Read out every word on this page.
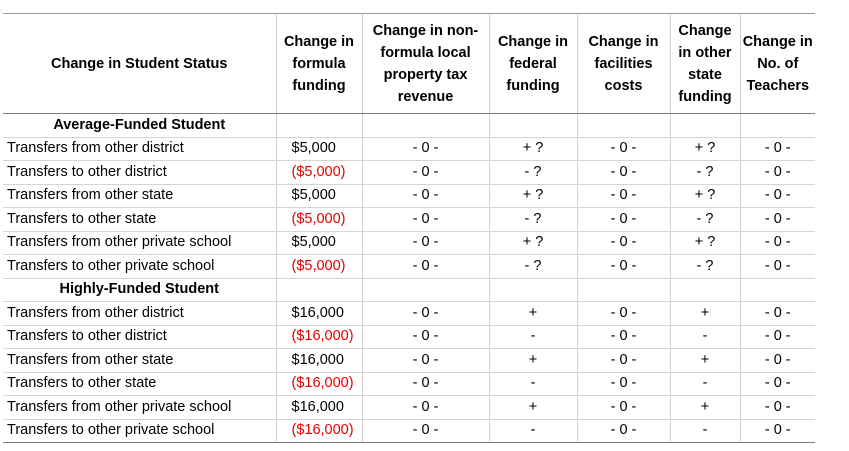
Change in Student Status	Change in formula funding	Change in non-formula local property tax revenue	Change in federal funding	Change in facilities costs	Change in other state funding	Change in No. of Teachers
Average-Funded Student						
Transfers from other district	$5,000	- 0 -	+ ?	- 0 -	+ ?	- 0 -
Transfers to other district	($5,000)	- 0 -	- ?	- 0 -	- ?	- 0 -
Transfers from other state	$5,000	- 0 -	+ ?	- 0 -	+ ?	- 0 -
Transfers to other state	($5,000)	- 0 -	- ?	- 0 -	- ?	- 0 -
Transfers from other private school	$5,000	- 0 -	+ ?	- 0 -	+ ?	- 0 -
Transfers to other private school	($5,000)	- 0 -	- ?	- 0 -	- ?	- 0 -
Highly-Funded Student						
Transfers from other district	$16,000	- 0 -	+	- 0 -	+	- 0 -
Transfers to other district	($16,000)	- 0 -	-	- 0 -	-	- 0 -
Transfers from other state	$16,000	- 0 -	+	- 0 -	+	- 0 -
Transfers to other state	($16,000)	- 0 -	-	- 0 -	-	- 0 -
Transfers from other private school	$16,000	- 0 -	+	- 0 -	+	- 0 -
Transfers to other private school	($16,000)	- 0 -	-	- 0 -	-	- 0 -
